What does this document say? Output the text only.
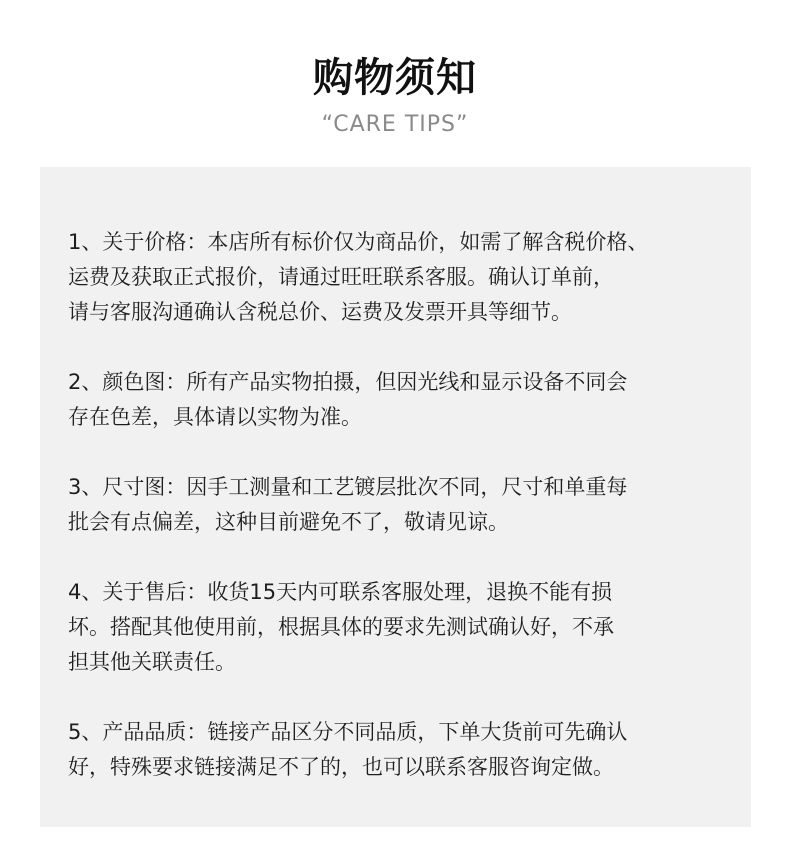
购物须知
“CARE TIPS”

1、关于价格：本店所有标价仅为商品价，如需了解含税价格、
运费及获取正式报价，请通过旺旺联系客服。确认订单前，
请与客服沟通确认含税总价、运费及发票开具等细节。

2、颜色图：所有产品实物拍摄，但因光线和显示设备不同会
存在色差，具体请以实物为准。

3、尺寸图：因手工测量和工艺镀层批次不同，尺寸和单重每
批会有点偏差，这种目前避免不了，敬请见谅。

4、关于售后：收货15天内可联系客服处理，退换不能有损
坏。搭配其他使用前，根据具体的要求先测试确认好，不承
担其他关联责任。

5、产品品质：链接产品区分不同品质，下单大货前可先确认
好，特殊要求链接满足不了的，也可以联系客服咨询定做。
